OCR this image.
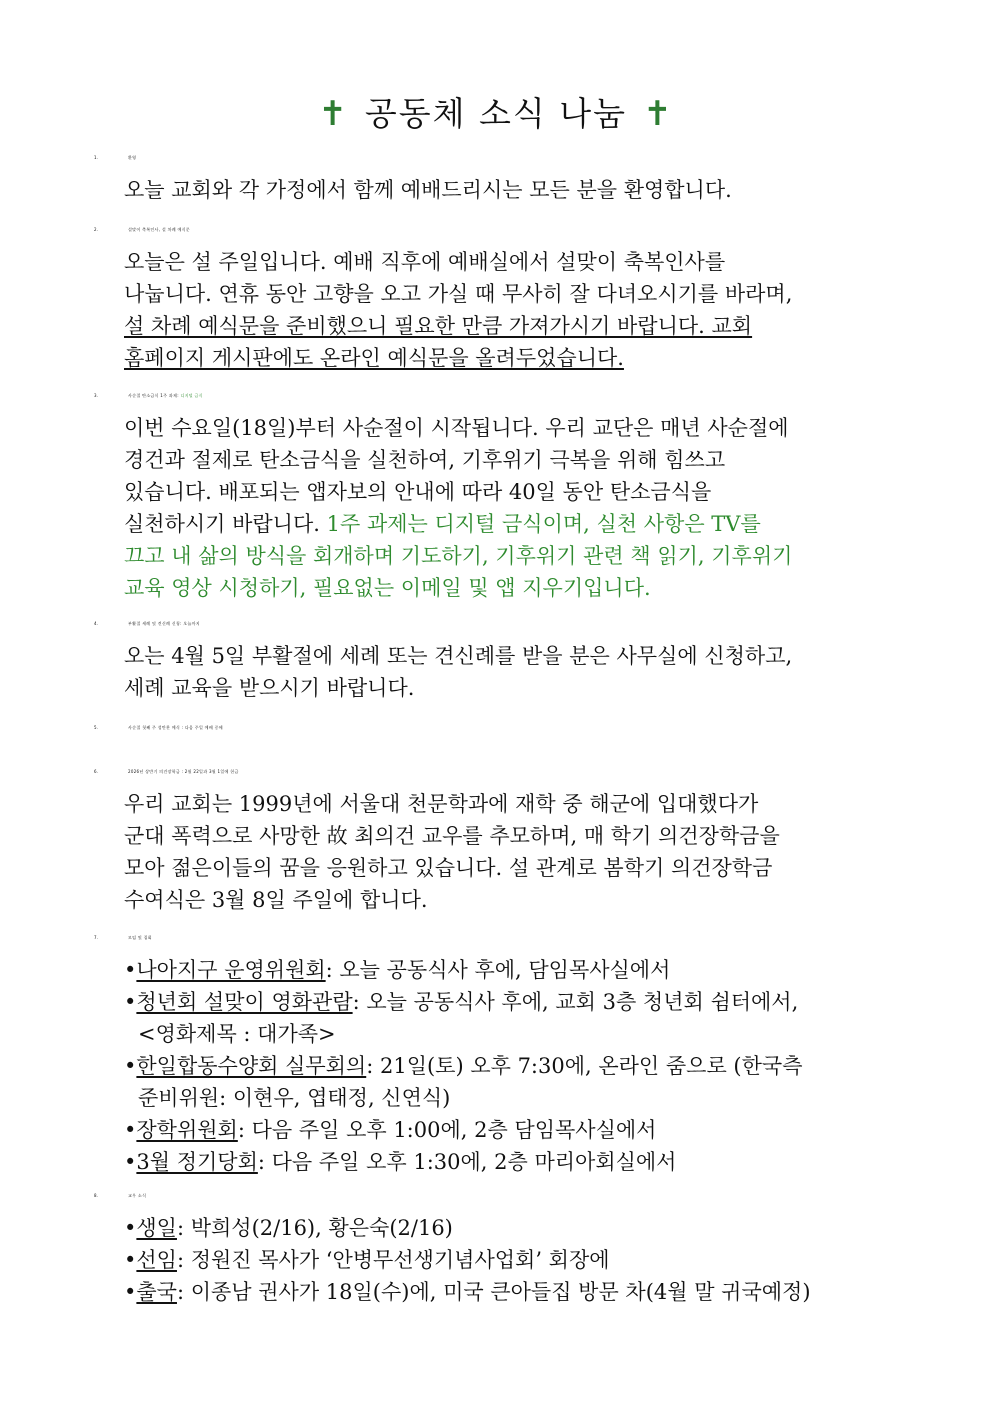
✝ 공동체 소식 나눔 ✝
1.	환영
오늘 교회와 각 가정에서 함께 예배드리시는 모든 분을 환영합니다.
2.	설맞이 축복인사, 설 차례 예식문
오늘은 설 주일입니다. 예배 직후에 예배실에서 설맞이 축복인사를
나눕니다. 연휴 동안 고향을 오고 가실 때 무사히 잘 다녀오시기를 바라며,
설 차례 예식문을 준비했으니 필요한 만큼 가져가시기 바랍니다. 교회
홈페이지 게시판에도 온라인 예식문을 올려두었습니다.
3.	사순절 탄소금식 1주 과제: 디지털 금식
이번 수요일(18일)부터 사순절이 시작됩니다. 우리 교단은 매년 사순절에
경건과 절제로 탄소금식을 실천하여, 기후위기 극복을 위해 힘쓰고
있습니다. 배포되는 앱자보의 안내에 따라 40일 동안 탄소금식을
실천하시기 바랍니다. 1주 과제는 디지털 금식이며, 실천 사항은 TV를
끄고 내 삶의 방식을 회개하며 기도하기, 기후위기 관련 책 읽기, 기후위기
교육 영상 시청하기, 필요없는 이메일 및 앱 지우기입니다.
4.	부활절 세례 및 견신례 신청: 오늘까지
오는 4월 5일 부활절에 세례 또는 견신례를 받을 분은 사무실에 신청하고,
세례 교육을 받으시기 바랍니다.
5.	사순절 첫째 주 성만찬 예식 : 다음 주일 예배 중에
6.	2026년 상반기 의건장학금 : 2월 22일과 3월 1일에 헌금
우리 교회는 1999년에 서울대 천문학과에 재학 중 해군에 입대했다가
군대 폭력으로 사망한 故 최의건 교우를 추모하며, 매 학기 의건장학금을
모아 젊은이들의 꿈을 응원하고 있습니다. 설 관계로 봄학기 의건장학금
수여식은 3월 8일 주일에 합니다.
7.	모임 및 집회
•나아지구 운영위원회: 오늘 공동식사 후에, 담임목사실에서
•청년회 설맞이 영화관람: 오늘 공동식사 후에, 교회 3층 청년회 쉼터에서,
<영화제목 : 대가족>
•한일합동수양회 실무회의: 21일(토) 오후 7:30에, 온라인 줌으로 (한국측
준비위원: 이현우, 엽태정, 신연식)
•장학위원회: 다음 주일 오후 1:00에, 2층 담임목사실에서
•3월 정기당회: 다음 주일 오후 1:30에, 2층 마리아회실에서
8.	교우 소식
•생일: 박희성(2/16), 황은숙(2/16)
•선임: 정원진 목사가 ‘안병무선생기념사업회’ 회장에
•출국: 이종남 권사가 18일(수)에, 미국 큰아들집 방문 차(4월 말 귀국예정)
